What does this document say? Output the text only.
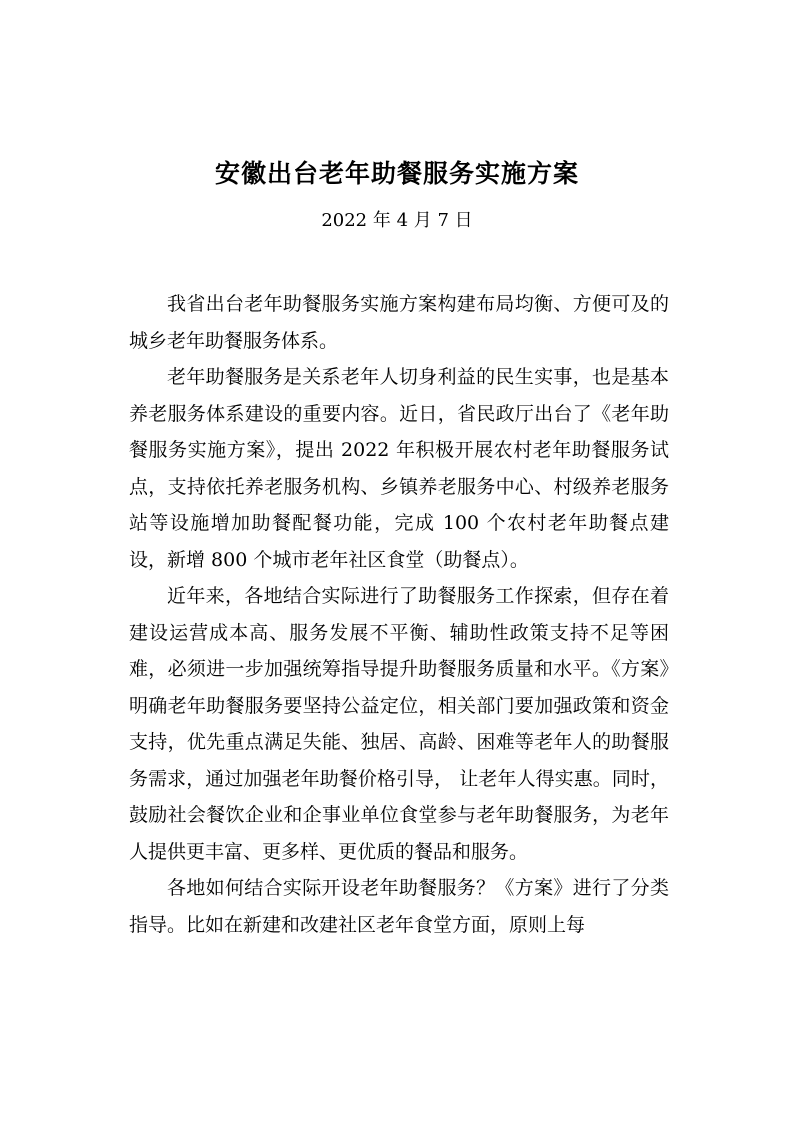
安徽出台老年助餐服务实施方案
2022 年 4 月 7 日

我省出台老年助餐服务实施方案构建布局均衡、方便可及的城乡老年助餐服务体系。

老年助餐服务是关系老年人切身利益的民生实事，也是基本养老服务体系建设的重要内容。近日，省民政厅出台了《老年助餐服务实施方案》，提出 2022 年积极开展农村老年助餐服务试点，支持依托养老服务机构、乡镇养老服务中心、村级养老服务站等设施增加助餐配餐功能，完成 100 个农村老年助餐点建设，新增 800 个城市老年社区食堂（助餐点）。

近年来，各地结合实际进行了助餐服务工作探索，但存在着建设运营成本高、服务发展不平衡、辅助性政策支持不足等困难，必须进一步加强统筹指导提升助餐服务质量和水平。《方案》明确老年助餐服务要坚持公益定位，相关部门要加强政策和资金支持，优先重点满足失能、独居、高龄、困难等老年人的助餐服务需求，通过加强老年助餐价格引导， 让老年人得实惠。同时，鼓励社会餐饮企业和企事业单位食堂参与老年助餐服务，为老年人提供更丰富、更多样、更优质的餐品和服务。

各地如何结合实际开设老年助餐服务？《方案》进行了分类指导。比如在新建和改建社区老年食堂方面，原则上每
